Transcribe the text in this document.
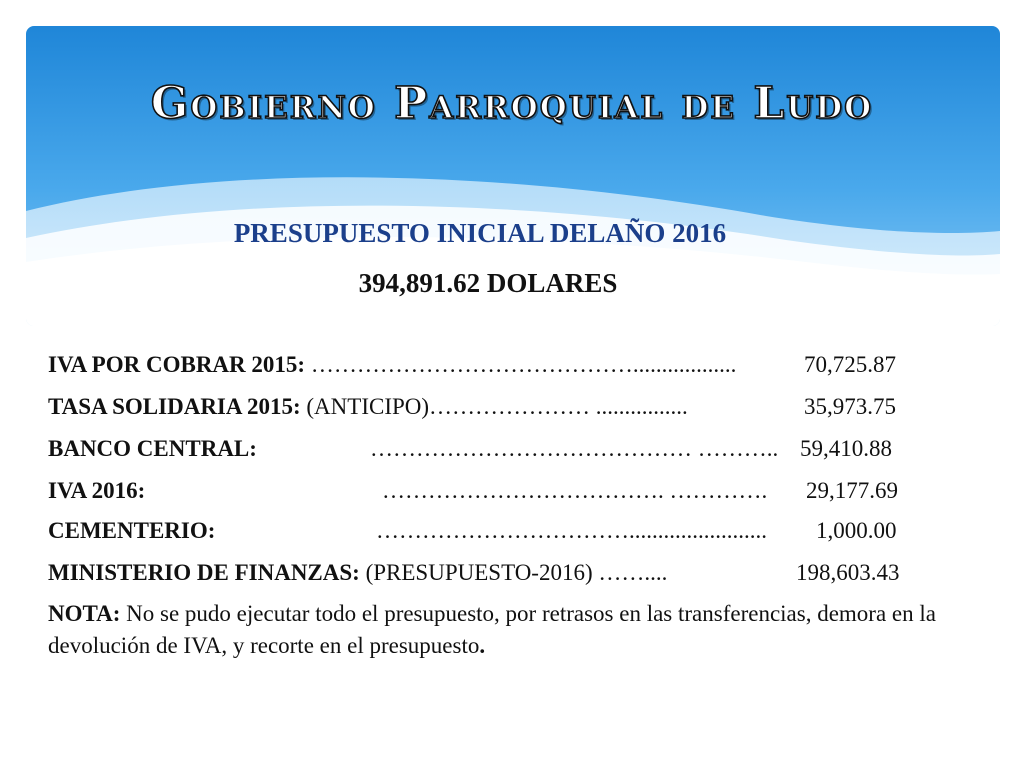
Gobierno Parroquial de Ludo
PRESUPUESTO INICIAL DELAÑO 2016
394,891.62 DOLARES
IVA POR COBRAR 2015: ……………………………………..................	70,725.87
TASA SOLIDARIA 2015: (ANTICIPO)………………… ................	35,973.75
BANCO CENTRAL:	…………………………………… ……….. 59,410.88
IVA 2016:	………………………………. …………. 29,177.69
CEMENTERIO:	……………………………........................ 1,000.00
MINISTERIO DE FINANZAS: (PRESUPUESTO-2016) ……....	198,603.43
NOTA: No se pudo ejecutar todo el presupuesto, por retrasos en las transferencias, demora en la devolución de IVA, y recorte en el presupuesto.
